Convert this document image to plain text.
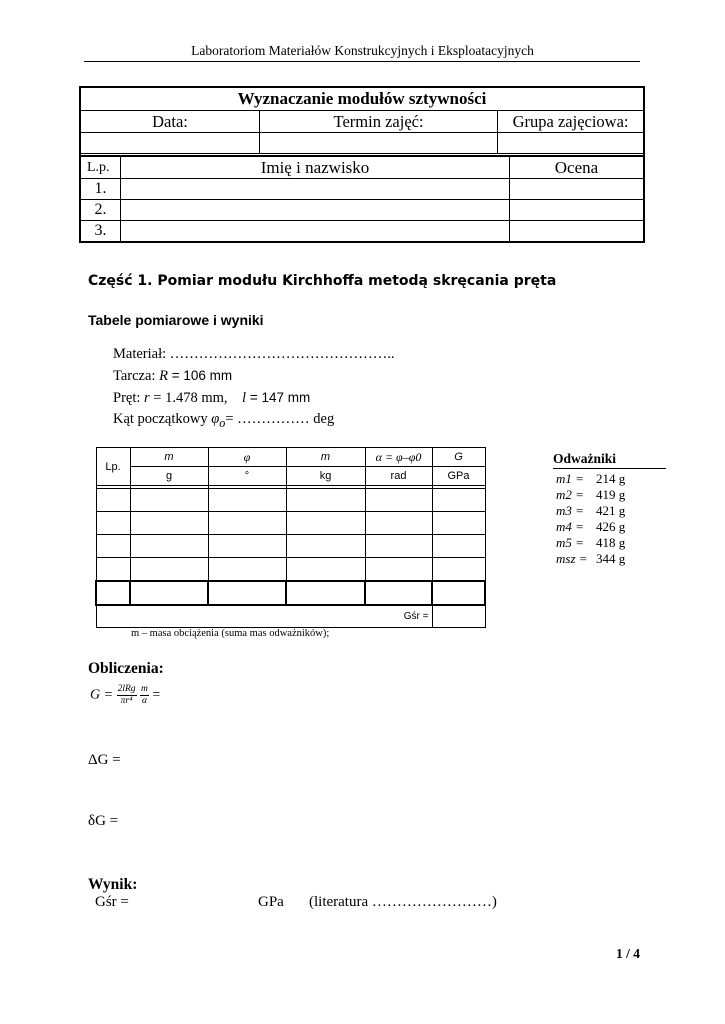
Laboratoriom Materiałów Konstrukcyjnych i Eksploatacyjnych
Wyznaczanie modułów sztywności		
Data:	Termin zajęć:	Grupa zajęciowa:

L.p.	Imię i nazwisko	Ocena
1.		
2.		
3.		
Część 1. Pomiar modułu Kirchhoffa metodą skręcania pręta
Tabele pomiarowe i wyniki
Materiał: ………………………………………..
Tarcza: R = 106 mm
Pręt: r = 1.478 mm, l = 147 mm
Kąt początkowy $\varphi_o=$ …………… deg
Lp.	m	φ	m	α = φ–φ0	G
	g	°	kg	rad	GPa

Gśr =					
m – masa obciążenia (suma mas odważników);
Odważniki
m1 = 214 g
m2 = 419 g
m3 = 421 g
m4 = 426 g
m5 = 418 g
msz = 344 g
Obliczenia:
$G = \frac{\text{2lRg}}{\text{πr⁴}}$
$\frac{m}{\alpha}$ =
ΔG =
δG =
Wynik:
Gśr =	GPa (literatura ……………………)
1 / 4
